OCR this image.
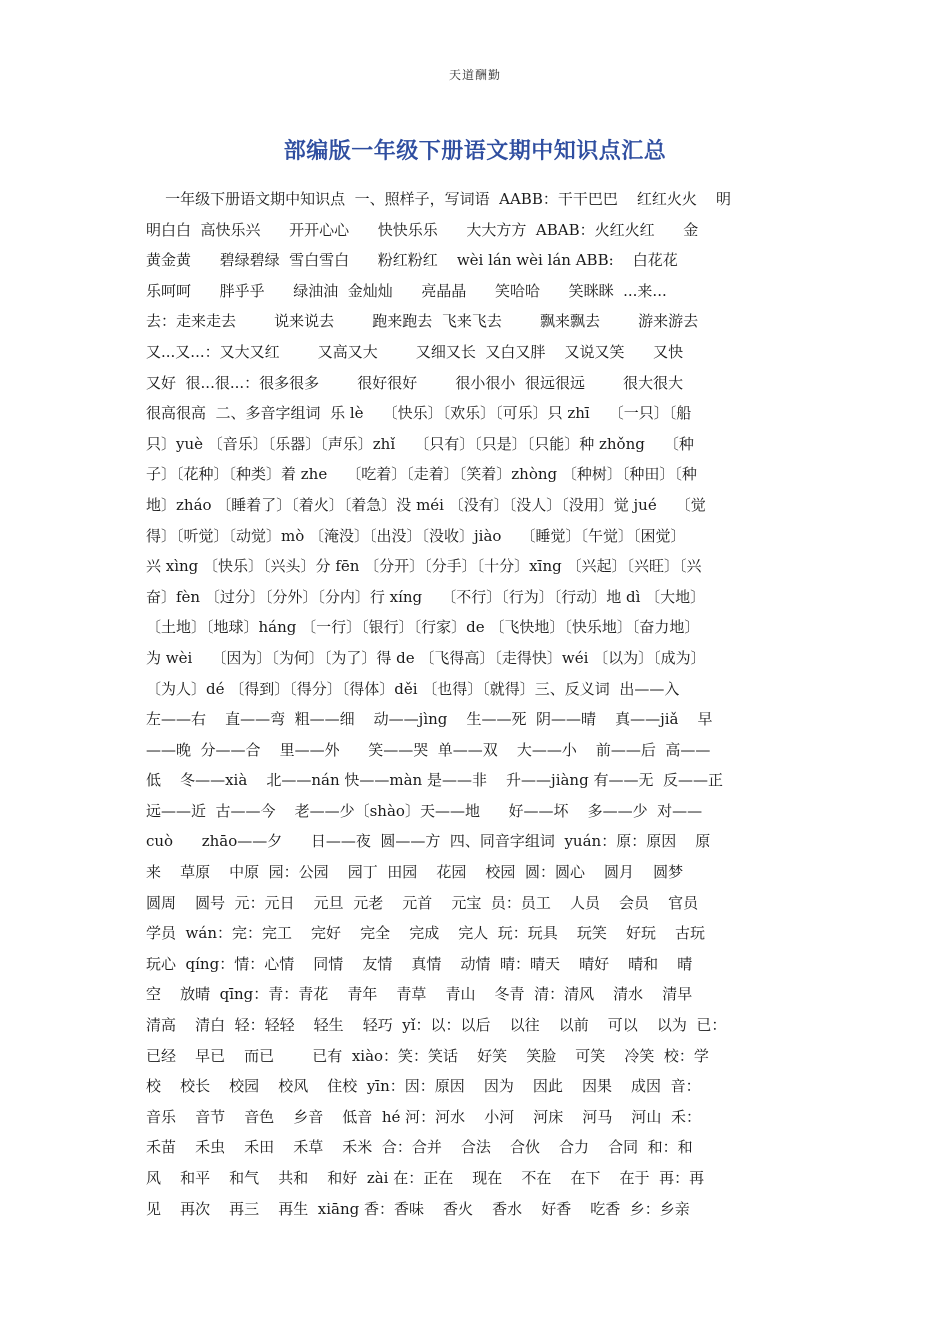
天道酬勤
部编版一年级下册语文期中知识点汇总
一年级下册语文期中知识点  一、照样子，写词语  AABB：干干巴巴    红红火火    明
明白白  高快乐兴      开开心心      快快乐乐      大大方方  ABAB：火红火红      金
黄金黄      碧绿碧绿  雪白雪白      粉红粉红    wèi lán wèi lán ABB:    白花花
乐呵呵      胖乎乎      绿油油  金灿灿      亮晶晶      笑哈哈      笑眯眯  ...来...
去：走来走去        说来说去        跑来跑去  飞来飞去        飘来飘去        游来游去
又...又...：又大又红        又高又大        又细又长  又白又胖    又说又笑      又快
又好  很...很...：很多很多        很好很好        很小很小  很远很远        很大很大
很高很高  二、多音字组词  乐 lè    〔快乐〕〔欢乐〕〔可乐〕只 zhī    〔一只〕〔船
只〕yuè 〔音乐〕〔乐器〕〔声乐〕zhǐ    〔只有〕〔只是〕〔只能〕种 zhǒng    〔种
子〕〔花种〕〔种类〕着 zhe    〔吃着〕〔走着〕〔笑着〕zhòng 〔种树〕〔种田〕〔种
地〕zháo 〔睡着了〕〔着火〕〔着急〕没 méi 〔没有〕〔没人〕〔没用〕觉 jué    〔觉
得〕〔听觉〕〔动觉〕mò 〔淹没〕〔出没〕〔没收〕jiào    〔睡觉〕〔午觉〕〔困觉〕
兴 xìng 〔快乐〕〔兴头〕分 fēn 〔分开〕〔分手〕〔十分〕xīng 〔兴起〕〔兴旺〕〔兴
奋〕fèn 〔过分〕〔分外〕〔分内〕行 xíng    〔不行〕〔行为〕〔行动〕地 dì 〔大地〕
〔土地〕〔地球〕háng 〔一行〕〔银行〕〔行家〕de 〔飞快地〕〔快乐地〕〔奋力地〕
为 wèi    〔因为〕〔为何〕〔为了〕得 de 〔飞得高〕〔走得快〕wéi 〔以为〕〔成为〕
〔为人〕dé 〔得到〕〔得分〕〔得体〕děi 〔也得〕〔就得〕三、反义词  出——入
左——右    直——弯  粗——细    动——jìng    生——死  阴——晴    真——jiǎ    早
——晚  分——合    里——外      笑——哭  单——双    大——小    前——后  高——
低    冬——xià    北——nán 快——màn 是——非    升——jiàng 有——无  反——正
远——近  古——今    老——少〔shào〕天——地      好——坏    多——少  对——
cuò      zhāo——夕      日——夜  圆——方  四、同音字组词  yuán：原：原因    原
来    草原    中原  园：公园    园丁  田园    花园    校园  圆：圆心    圆月    圆梦
圆周    圆号  元：元日    元旦  元老    元首    元宝  员：员工    人员    会员    官员
学员  wán：完：完工    完好    完全    完成    完人  玩：玩具    玩笑    好玩    古玩
玩心  qíng：情：心情    同情    友情    真情    动情  晴：晴天    晴好    晴和    晴
空    放晴  qīng：青：青花    青年    青草    青山    冬青  清：清风    清水    清早
清高    清白  轻：轻轻    轻生    轻巧  yǐ：以：以后    以往    以前    可以    以为  已：
已经    早已    而已        已有  xiào：笑：笑话    好笑    笑脸    可笑    冷笑  校：学
校    校长    校园    校风    住校  yīn：因：原因    因为    因此    因果    成因  音：
音乐    音节    音色    乡音    低音  hé 河：河水    小河    河床    河马    河山  禾：
禾苗    禾虫    禾田    禾草    禾米  合：合并    合法    合伙    合力    合同  和：和
风    和平    和气    共和    和好  zài 在：正在    现在    不在    在下    在于  再：再
见    再次    再三    再生  xiāng 香：香味    香火    香水    好香    吃香  乡：乡亲
